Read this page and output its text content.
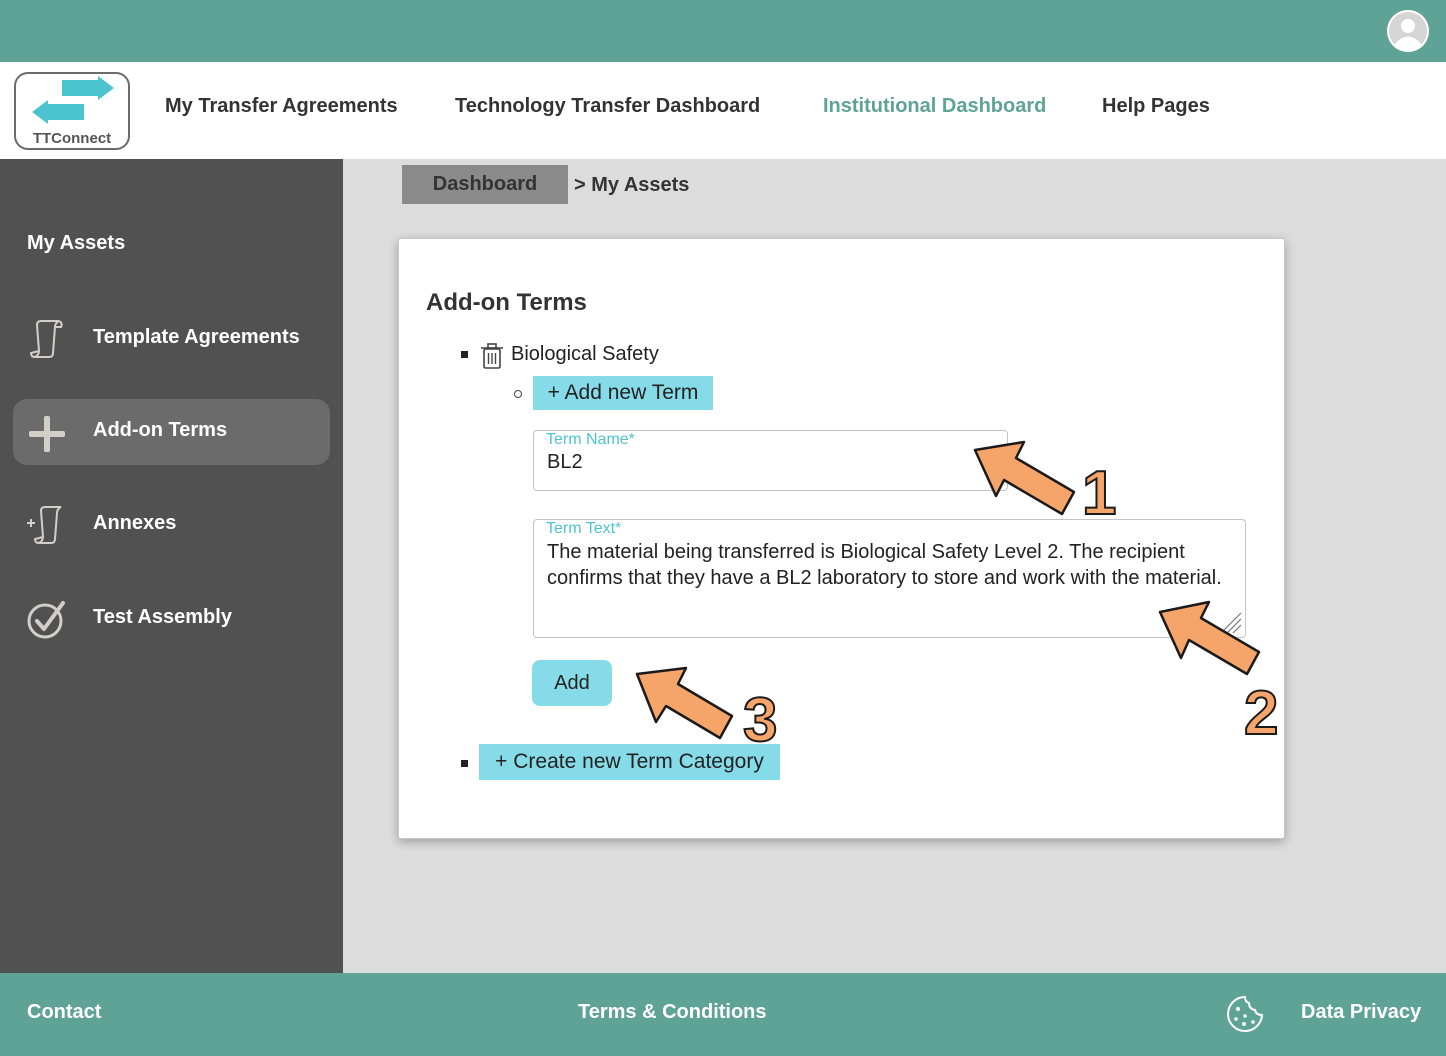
TTConnect
My Transfer Agreements	Technology Transfer Dashboard	Institutional Dashboard	Help Pages
My Assets
Template Agreements
Add-on Terms
Annexes
Test Assembly
Dashboard	> My Assets
Add-on Terms
Biological Safety
+ Add new Term
Term Name*
BL2
Term Text*
The material being transferred is Biological Safety Level 2. The recipient confirms that they have a BL2 laboratory to store and work with the material.
Add
+ Create new Term Category
1
2
3
Contact	Terms & Conditions	Data Privacy
